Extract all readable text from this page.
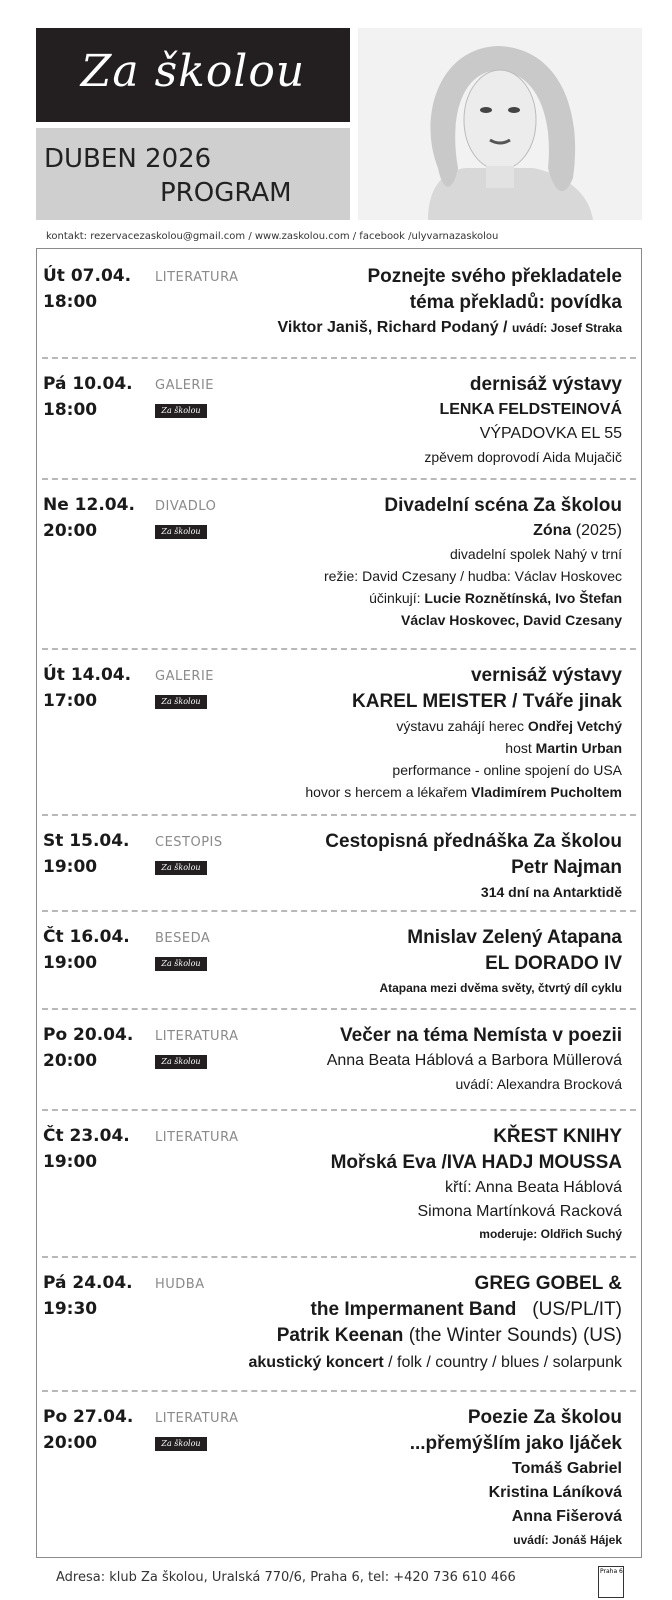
Za školou
DUBEN 2026
PROGRAM
kontakt: rezervacezaskolou@gmail.com / www.zaskolou.com / facebook /ulyvarnazaskolou
Út 07.04.
18:00
LITERATURA	Poznejte svého překladatele
téma překladů: povídka
Viktor Janiš, Richard Podaný / uvádí: Josef Straka
Pá 10.04.
18:00
GALERIE
Za školou
dernisáž výstavy
LENKA FELDSTEINOVÁ
VÝPADOVKA EL 55
zpěvem doprovodí Aida Mujačič
Ne 12.04.
20:00
DIVADLO
Za školou
Divadelní scéna Za školou
Zóna (2025)
divadelní spolek Nahý v trní
režie: David Czesany / hudba: Václav Hoskovec
účinkují: Lucie Roznětínská, Ivo Štefan
Václav Hoskovec, David Czesany
Út 14.04.
17:00
GALERIE
Za školou
vernisáž výstavy
KAREL MEISTER / Tváře jinak
výstavu zahájí herec Ondřej Vetchý
host Martin Urban
performance - online spojení do USA
hovor s hercem a lékařem Vladimírem Pucholtem
St 15.04.
19:00
CESTOPIS
Za školou
Cestopisná přednáška Za školou
Petr Najman
314 dní na Antarktidě
Čt 16.04.
19:00
BESEDA
Za školou
Mnislav Zelený Atapana
EL DORADO IV
Atapana mezi dvěma světy, čtvrtý díl cyklu
Po 20.04.
20:00
LITERATURA
Za školou
Večer na téma Nemísta v poezii
Anna Beata Háblová a Barbora Müllerová
uvádí: Alexandra Brocková
Čt 23.04.
19:00
LITERATURA	KŘEST KNIHY
Mořská Eva /IVA HADJ MOUSSA
křtí: Anna Beata Háblová
Simona Martínková Racková
moderuje: Oldřich Suchý
Pá 24.04.
19:30
HUDBA	GREG GOBEL &
the Impermanent Band (US/PL/IT)
Patrik Keenan (the Winter Sounds) (US)
akustický koncert / folk / country / blues / solarpunk
Po 27.04.
20:00
LITERATURA
Za školou
Poezie Za školou
...přemýšlím jako ljáček
Tomáš Gabriel
Kristina Láníková
Anna Fišerová
uvádí: Jonáš Hájek
Adresa: klub Za školou, Uralská 770/6, Praha 6, tel: +420 736 610 466	Praha 6
